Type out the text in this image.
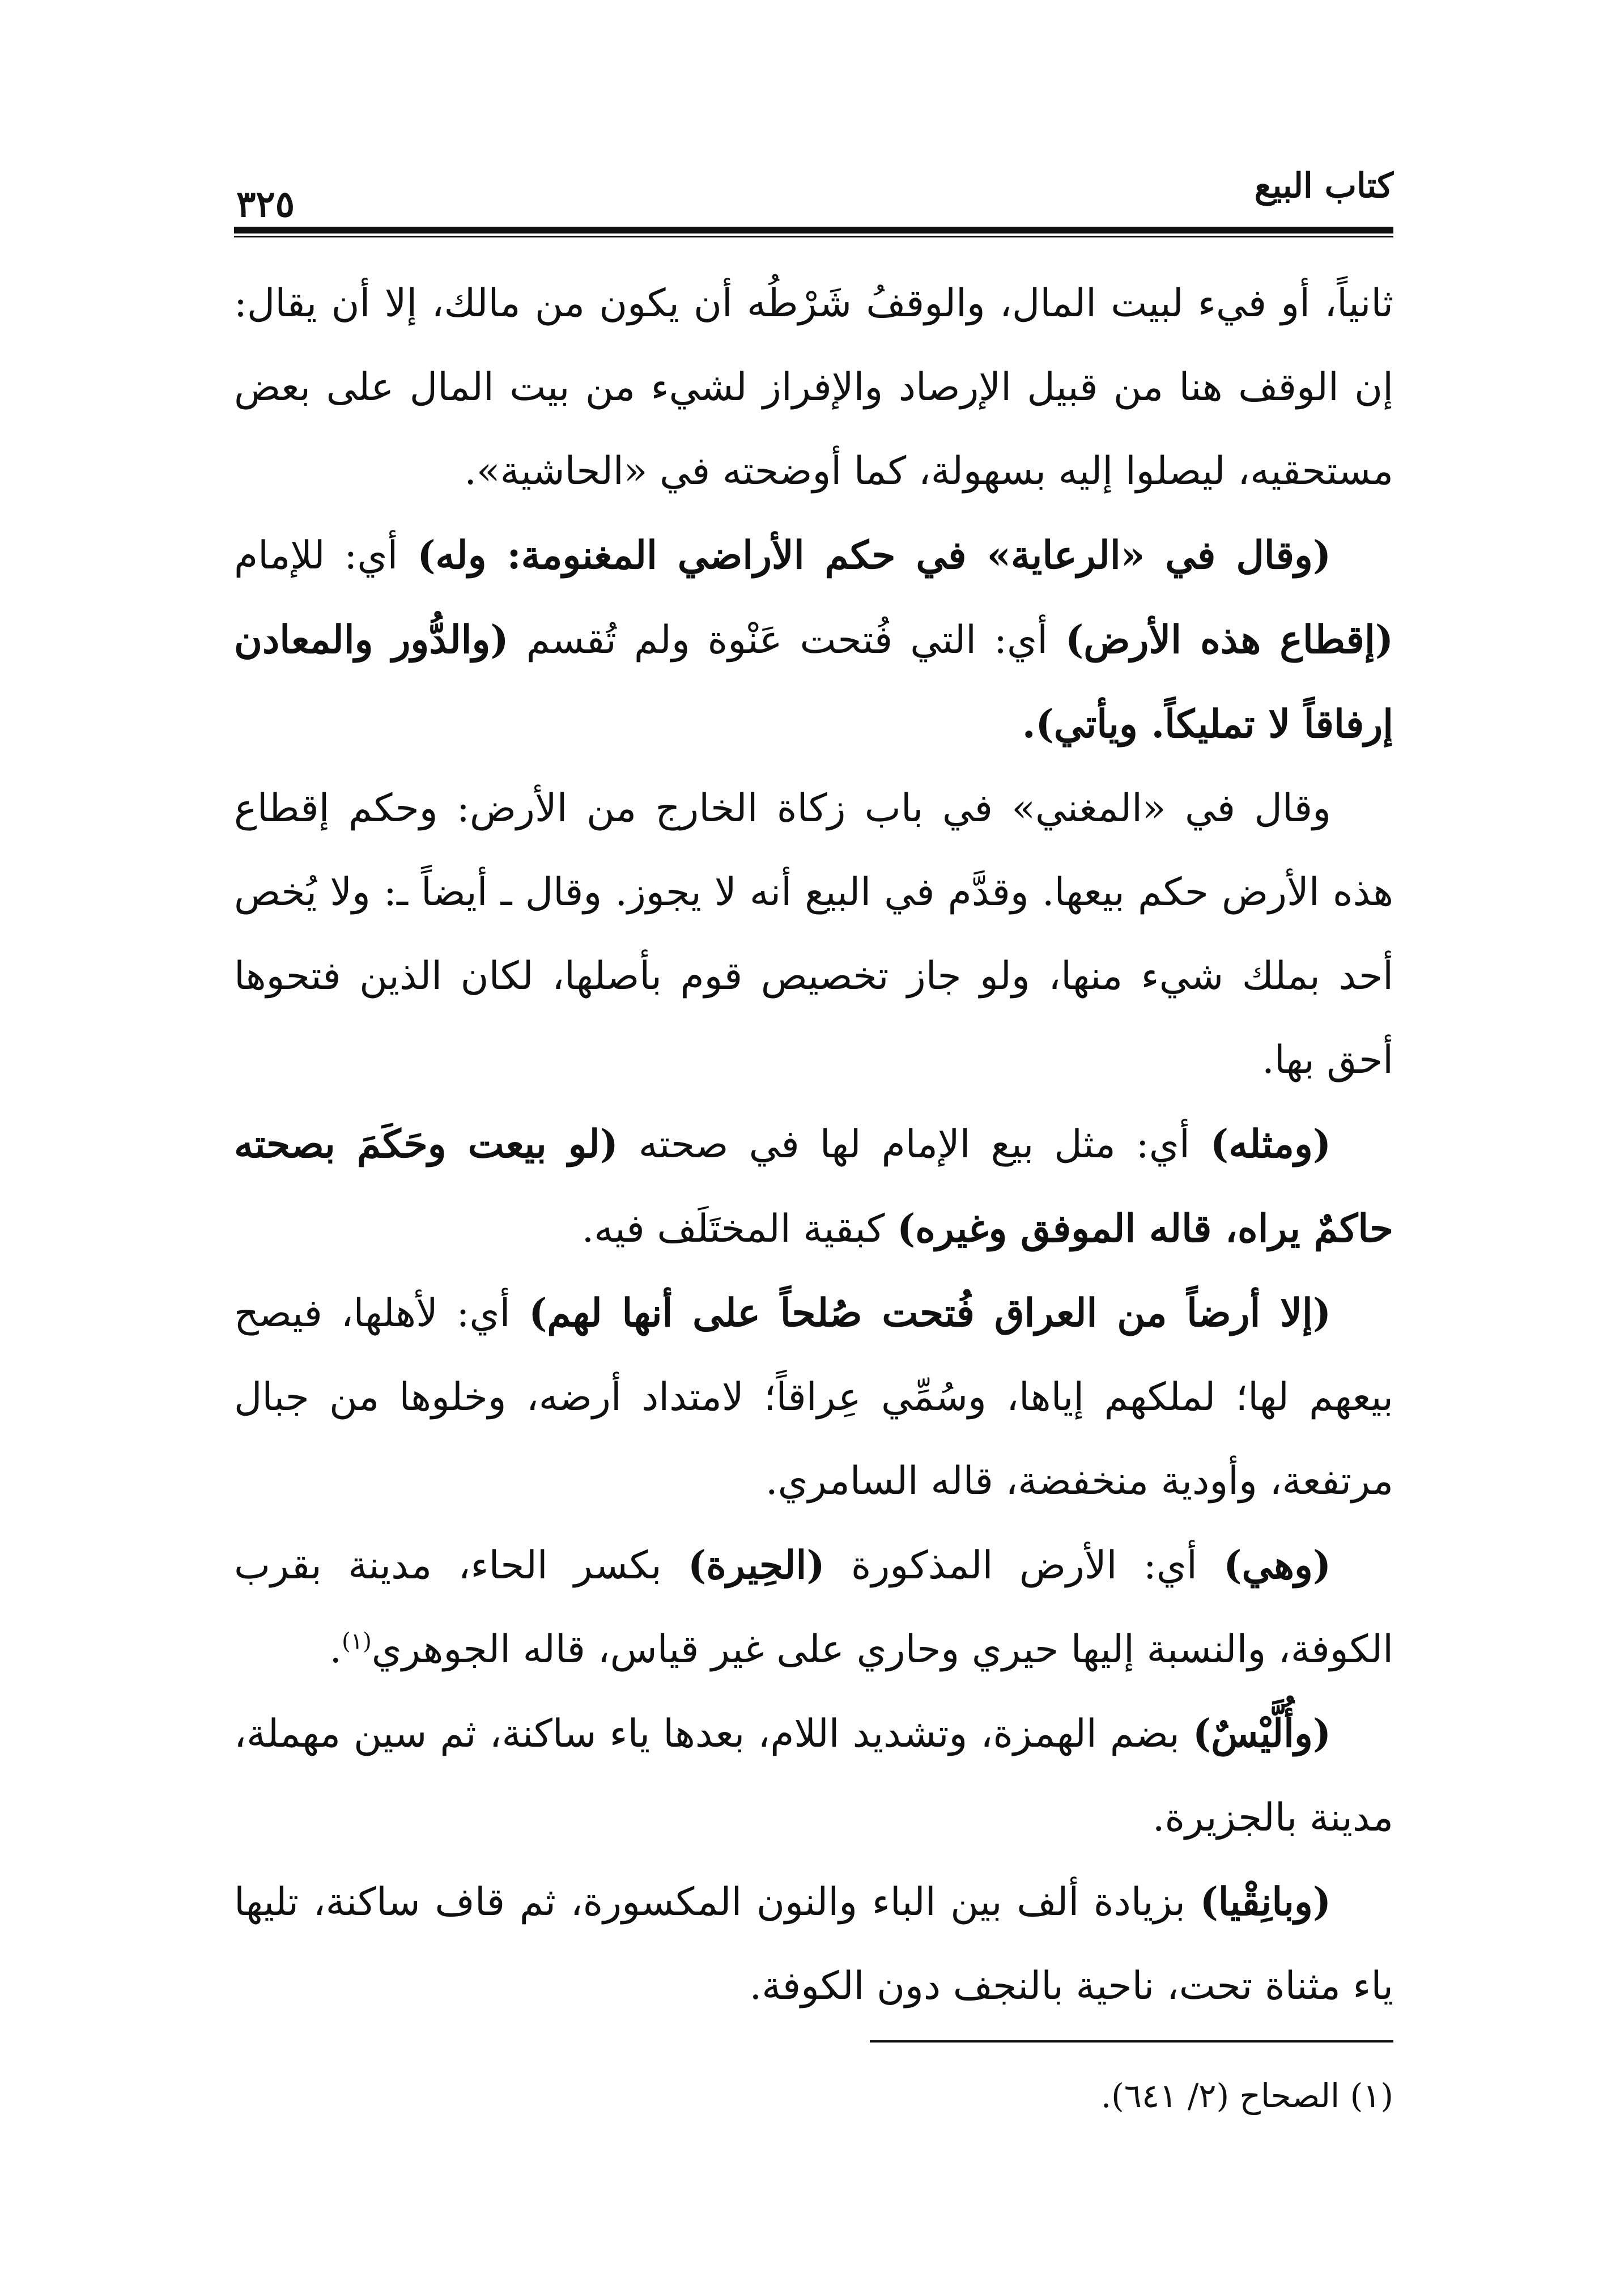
كتاب البيع
٣٢٥

ثانياً، أو فيء لبيت المال، والوقفُ شَرْطُه أن يكون من مالك، إلا أن يقال: إن الوقف هنا من قبيل الإرصاد والإفراز لشيء من بيت المال على بعض مستحقيه، ليصلوا إليه بسهولة، كما أوضحته في «الحاشية».

(وقال في «الرعاية» في حكم الأراضي المغنومة: وله) أي: للإمام (إقطاع هذه الأرض) أي: التي فُتحت عَنْوة ولم تُقسم (والدُّور والمعادن إرفاقاً لا تمليكاً. ويأتي).

وقال في «المغني» في باب زكاة الخارج من الأرض: وحكم إقطاع هذه الأرض حكم بيعها. وقدَّم في البيع أنه لا يجوز. وقال ـ أيضاً ـ: ولا يُخص أحد بملك شيء منها، ولو جاز تخصيص قوم بأصلها، لكان الذين فتحوها أحق بها.

(ومثله) أي: مثل بيع الإمام لها في صحته (لو بيعت وحَكَمَ بصحته حاكمٌ يراه، قاله الموفق وغيره) كبقية المختَلَف فيه.

(إلا أرضاً من العراق فُتحت صُلحاً على أنها لهم) أي: لأهلها، فيصح بيعهم لها؛ لملكهم إياها، وسُمِّي عِراقاً؛ لامتداد أرضه، وخلوها من جبال مرتفعة، وأودية منخفضة، قاله السامري.

(وهي) أي: الأرض المذكورة (الحِيرة) بكسر الحاء، مدينة بقرب الكوفة، والنسبة إليها حيري وحاري على غير قياس، قاله الجوهري$^{(١)}$.

(وأُلَّيْسٌ) بضم الهمزة، وتشديد اللام، بعدها ياء ساكنة، ثم سين مهملة، مدينة بالجزيرة.

(وبانِقْيا) بزيادة ألف بين الباء والنون المكسورة، ثم قاف ساكنة، تليها ياء مثناة تحت، ناحية بالنجف دون الكوفة.

(١) الصحاح (٢/ ٦٤١).
